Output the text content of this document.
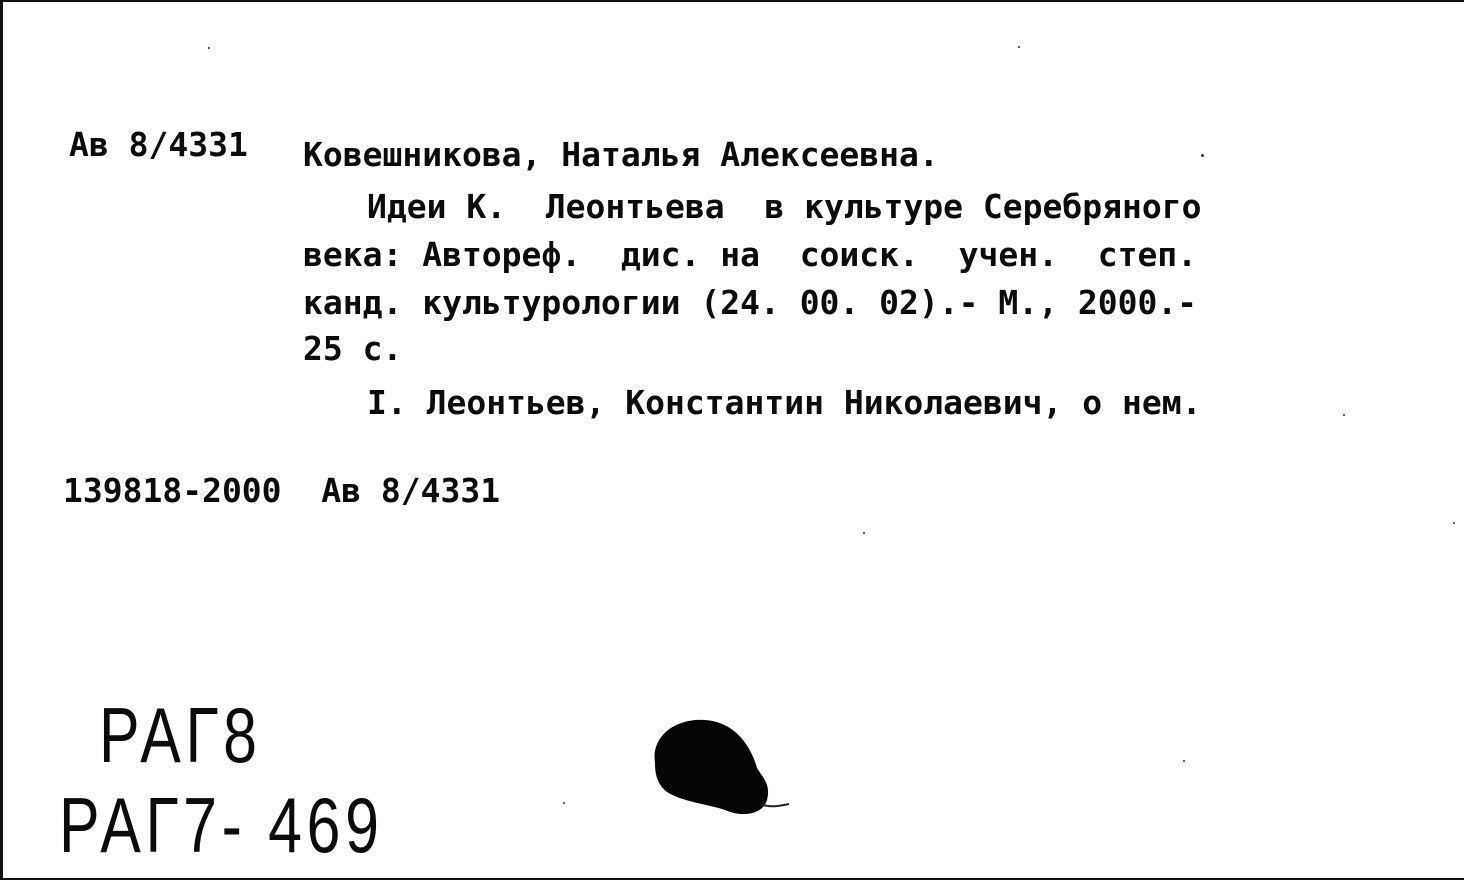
Ав 8/4331 Ковешникова, Наталья Алексеевна.
Идеи К.  Леонтьева  в культуре Серебряного
века: Автореф.  дис. на  соиск.  учен.  степ.
канд. культурологии (24. 00. 02).- М., 2000.-
25 с.
I. Леонтьев, Константин Николаевич, о нем.
139818-2000  Ав 8/4331
РАГ8
РАГ7- 469
